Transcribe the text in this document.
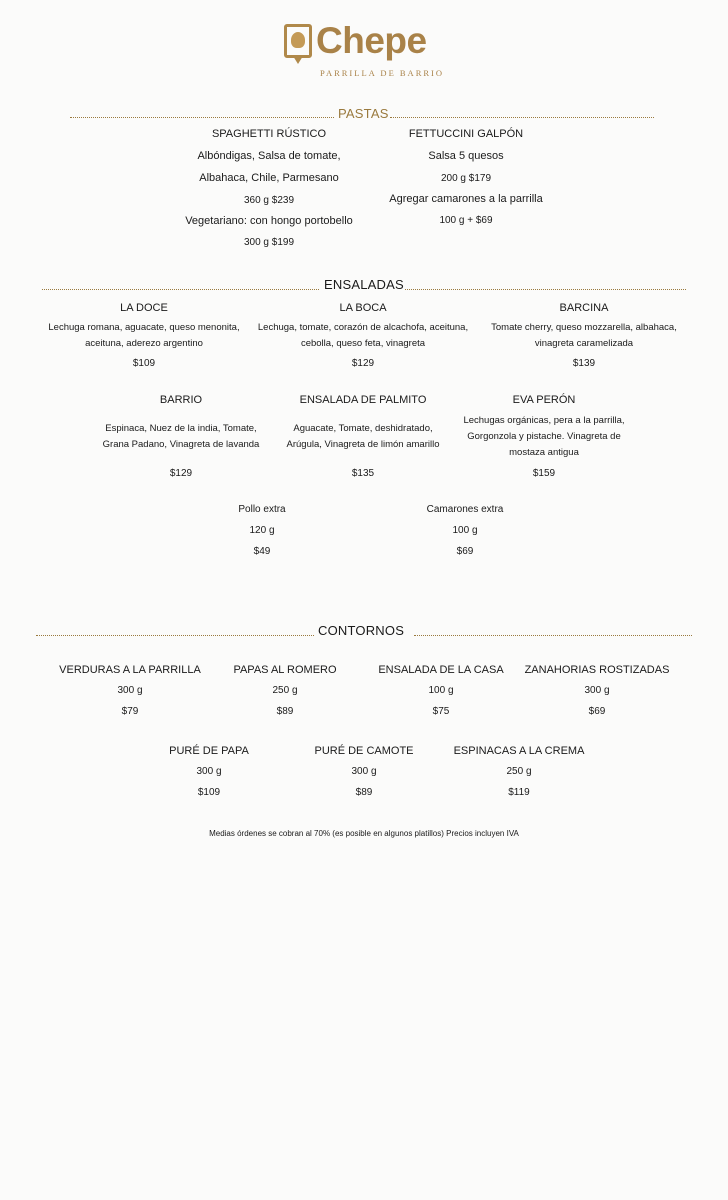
Chepe
PARRILLA DE BARRIO
PASTAS
SPAGHETTI RÚSTICO
Albóndigas, Salsa de tomate,
Albahaca, Chile, Parmesano
360 g $239
Vegetariano: con hongo portobello
300 g $199
FETTUCCINI GALPÓN
Salsa 5 quesos
200 g $179
Agregar camarones a la parrilla
100 g + $69
ENSALADAS
LA DOCE
Lechuga romana, aguacate, queso menonita,
aceituna, aderezo argentino
$109
LA BOCA
Lechuga, tomate, corazón de alcachofa, aceituna,
cebolla, queso feta, vinagreta
$129
BARCINA
Tomate cherry, queso mozzarella, albahaca,
vinagreta caramelizada
$139
BARRIO
Espinaca, Nuez de la india, Tomate,
Grana Padano, Vinagreta de lavanda
$129
ENSALADA DE PALMITO
Aguacate, Tomate, deshidratado,
Arúgula, Vinagreta de limón amarillo
$135
EVA PERÓN
Lechugas orgánicas, pera a la parrilla,
Gorgonzola y pistache. Vinagreta de
mostaza antigua
$159
Pollo extra
120 g
$49
Camarones extra
100 g
$69
CONTORNOS
VERDURAS A LA PARRILLA
300 g
$79
PAPAS AL ROMERO
250 g
$89
ENSALADA DE LA CASA
100 g
$75
ZANAHORIAS ROSTIZADAS
300 g
$69
PURÉ DE PAPA
300 g
$109
PURÉ DE CAMOTE
300 g
$89
ESPINACAS A LA CREMA
250 g
$119
Medias órdenes se cobran al 70% (es posible en algunos platillos) Precios incluyen IVA
